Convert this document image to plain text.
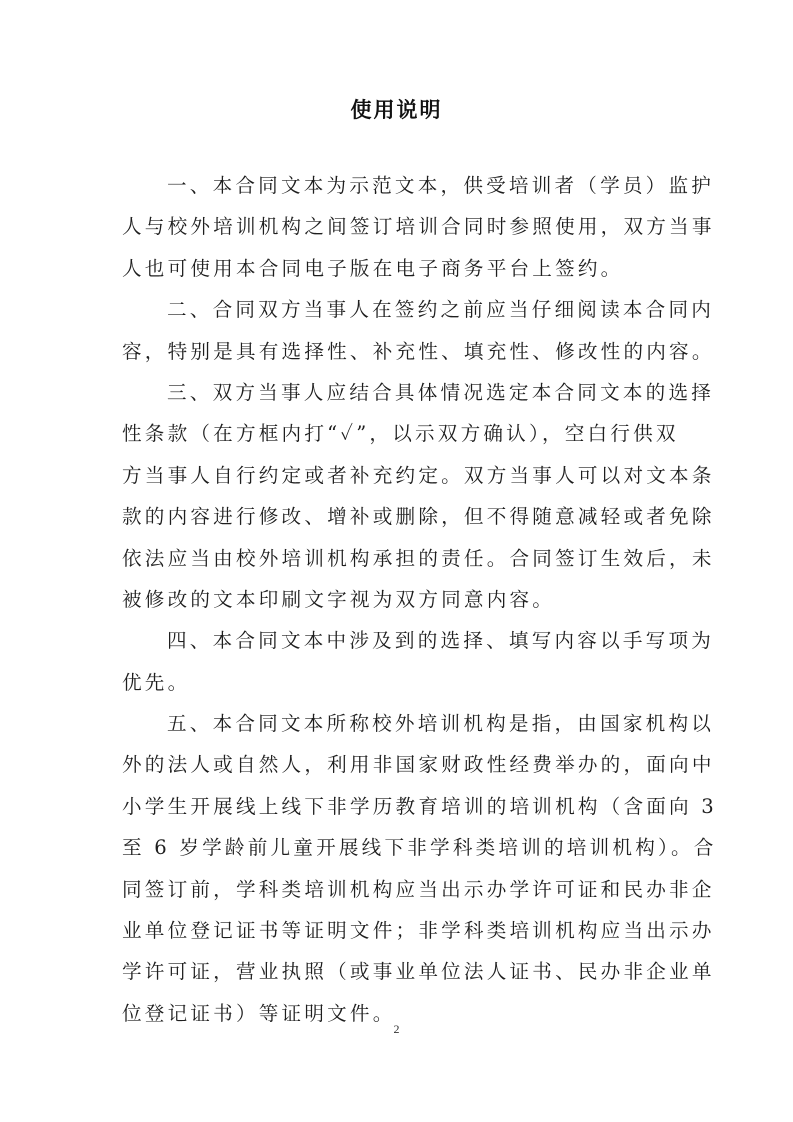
使用说明
一、本合同文本为示范文本，供受培训者（学员）监护
人与校外培训机构之间签订培训合同时参照使用，双方当事
人也可使用本合同电子版在电子商务平台上签约。
二、合同双方当事人在签约之前应当仔细阅读本合同内
容，特别是具有选择性、补充性、填充性、修改性的内容。
三、双方当事人应结合具体情况选定本合同文本的选择
性条款（在方框内打“✓”，以示双方确认），空白行供双
方当事人自行约定或者补充约定。双方当事人可以对文本条
款的内容进行修改、增补或删除，但不得随意减轻或者免除
依法应当由校外培训机构承担的责任。合同签订生效后，未
被修改的文本印刷文字视为双方同意内容。
四、本合同文本中涉及到的选择、填写内容以手写项为
优先。
五、本合同文本所称校外培训机构是指，由国家机构以
外的法人或自然人，利用非国家财政性经费举办的，面向中
小学生开展线上线下非学历教育培训的培训机构（含面向 3
至 6 岁学龄前儿童开展线下非学科类培训的培训机构）。合
同签订前，学科类培训机构应当出示办学许可证和民办非企
业单位登记证书等证明文件；非学科类培训机构应当出示办
学许可证，营业执照（或事业单位法人证书、民办非企业单
位登记证书）等证明文件。
2
